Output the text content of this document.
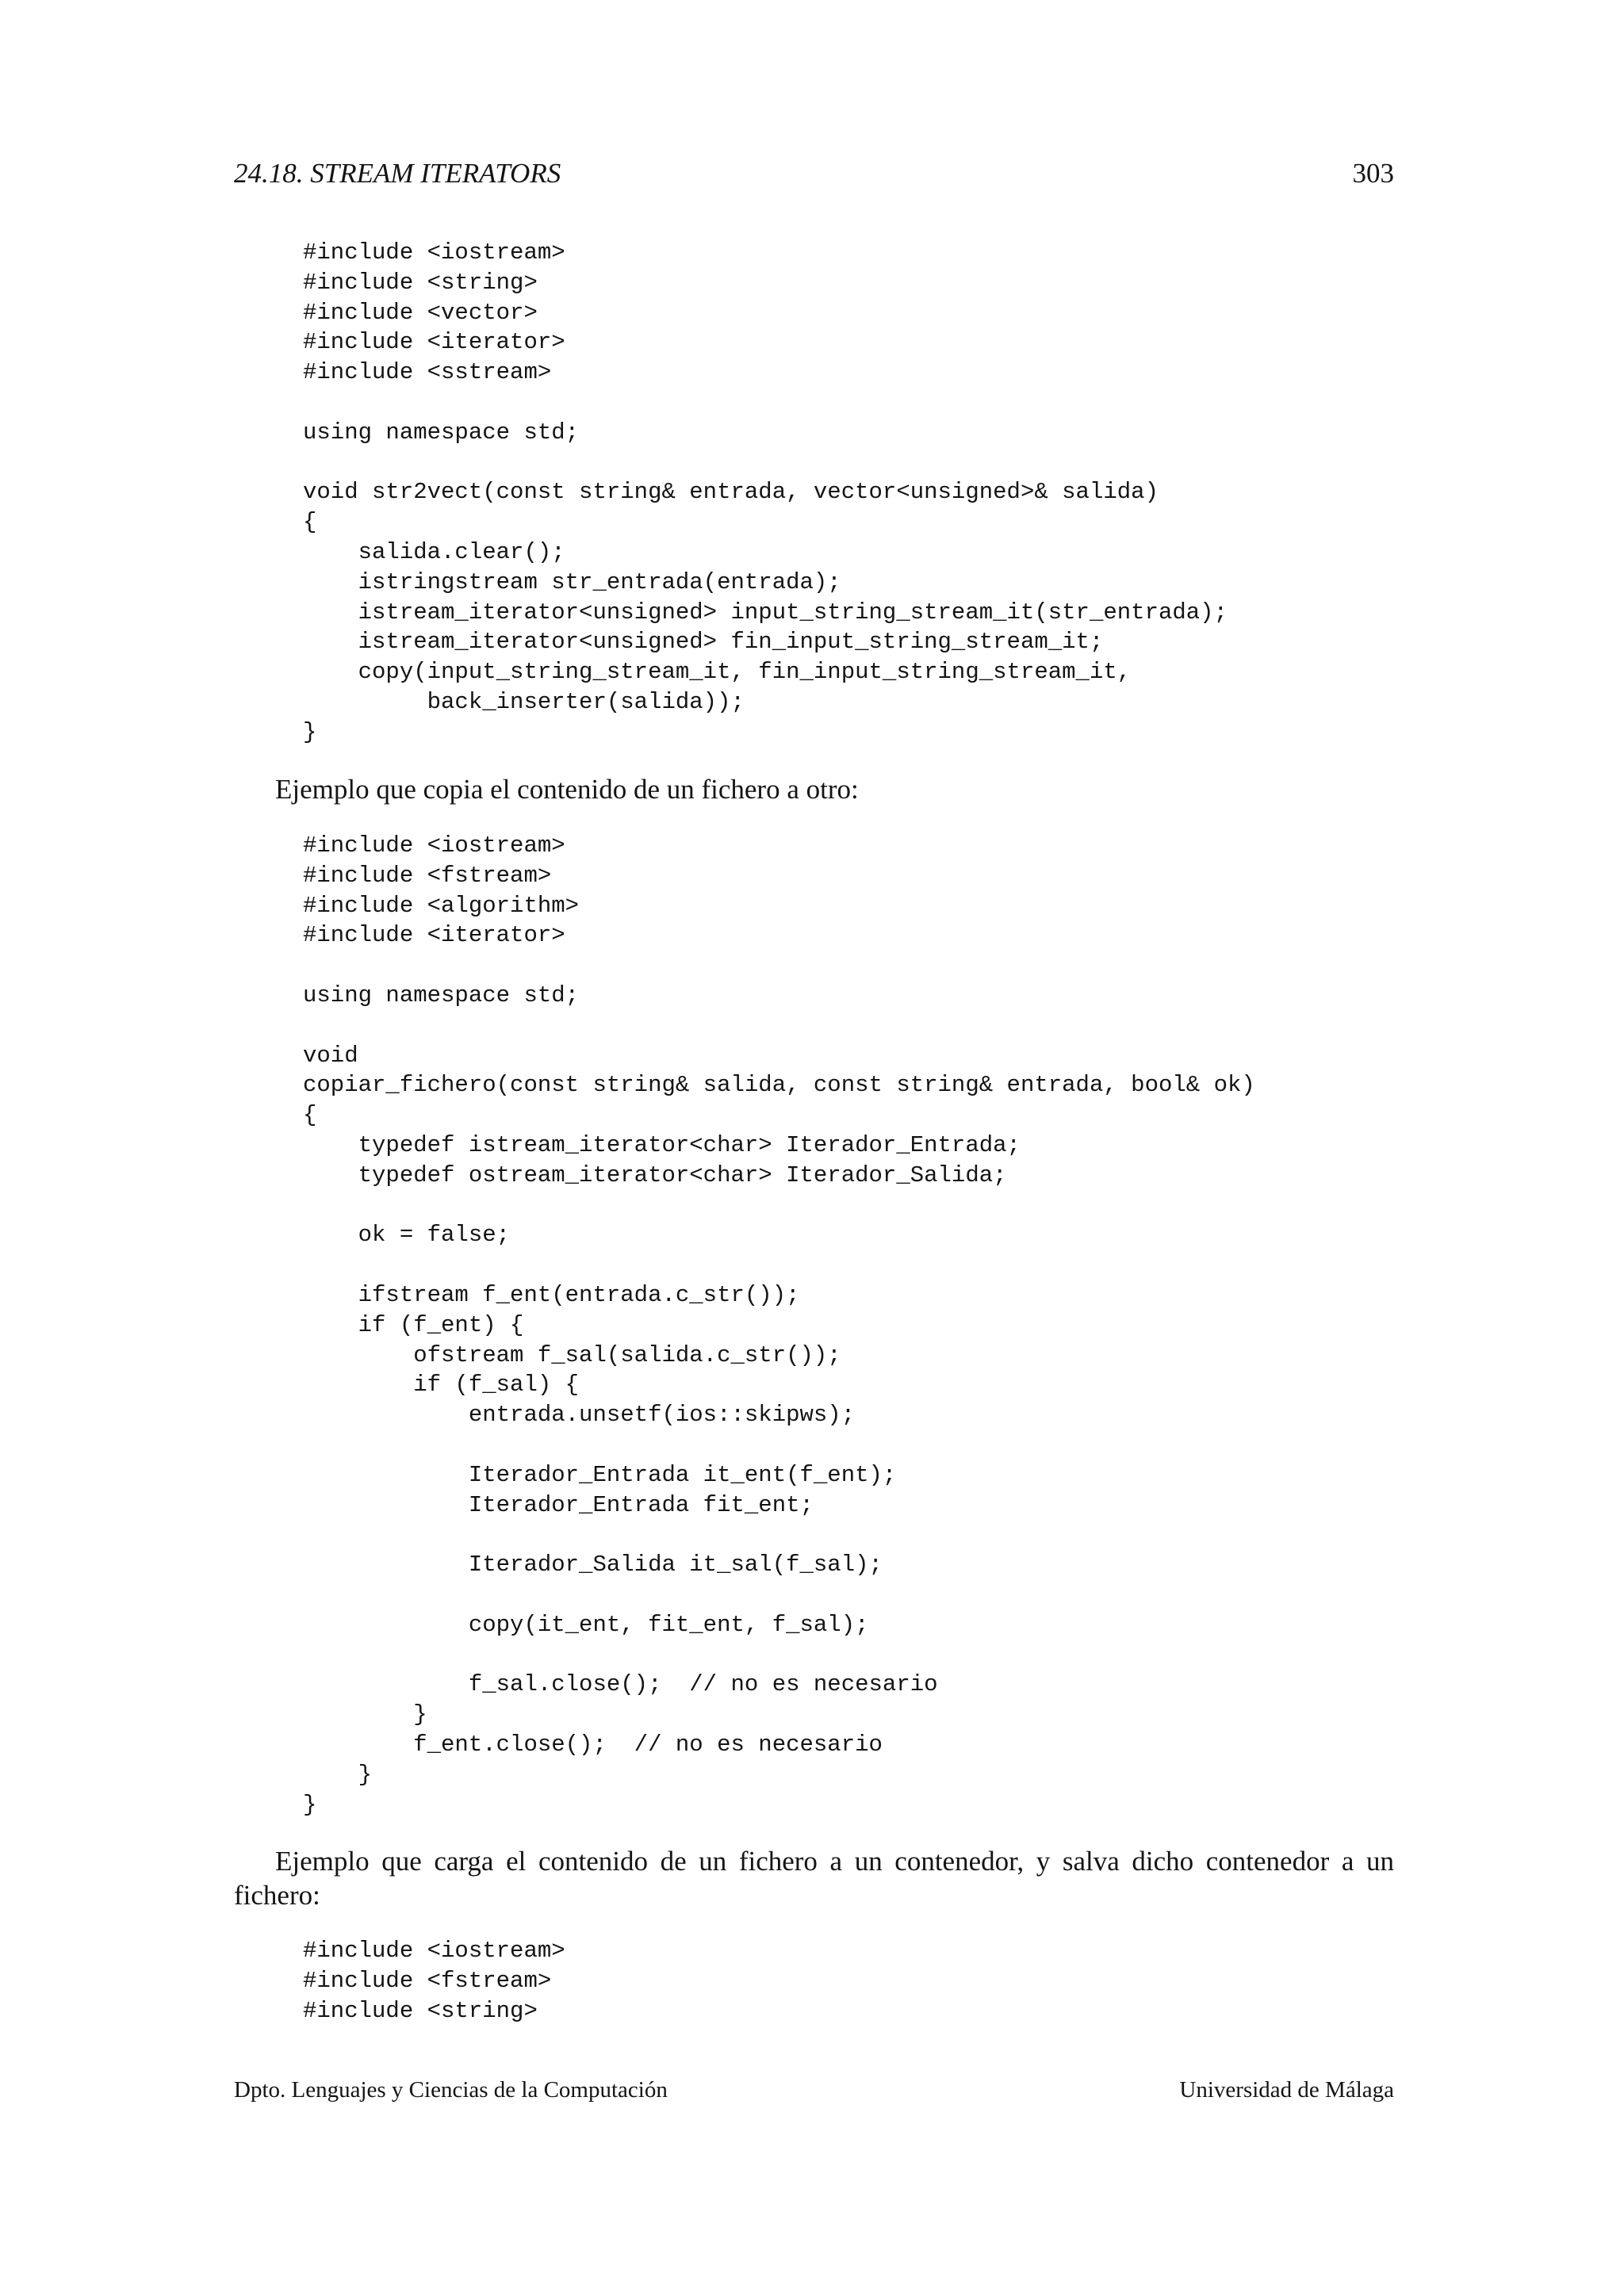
24.18. STREAM ITERATORS	303
#include <iostream>
#include <string>
#include <vector>
#include <iterator>
#include <sstream>

using namespace std;

void str2vect(const string& entrada, vector<unsigned>& salida)
{
salida.clear();
istringstream str_entrada(entrada);
istream_iterator<unsigned> input_string_stream_it(str_entrada);
istream_iterator<unsigned> fin_input_string_stream_it;
copy(input_string_stream_it, fin_input_string_stream_it,
back_inserter(salida));
}

Ejemplo que copia el contenido de un fichero a otro:

#include <iostream>
#include <fstream>
#include <algorithm>
#include <iterator>

using namespace std;

void
copiar_fichero(const string& salida, const string& entrada, bool& ok)
{
typedef istream_iterator<char> Iterador_Entrada;
typedef ostream_iterator<char> Iterador_Salida;

ok = false;

ifstream f_ent(entrada.c_str());
if (f_ent) {
ofstream f_sal(salida.c_str());
if (f_sal) {
entrada.unsetf(ios::skipws);

Iterador_Entrada it_ent(f_ent);
Iterador_Entrada fit_ent;

Iterador_Salida it_sal(f_sal);

copy(it_ent, fit_ent, f_sal);

f_sal.close();  // no es necesario
}
f_ent.close();  // no es necesario
}
}

Ejemplo que carga el contenido de un fichero a un contenedor, y salva dicho contenedor a un fichero:

#include <iostream>
#include <fstream>
#include <string>
Dpto. Lenguajes y Ciencias de la Computación	Universidad de Málaga
